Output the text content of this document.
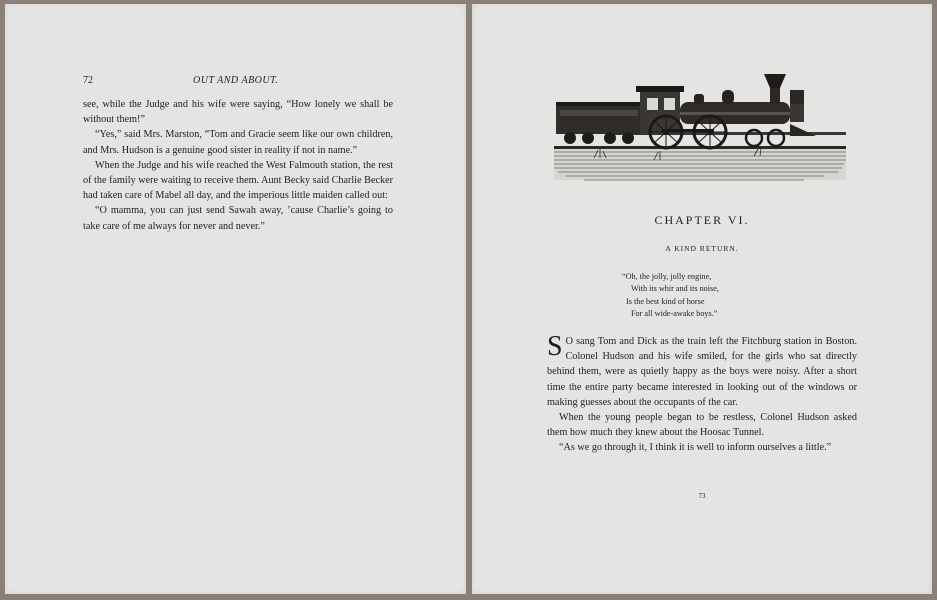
72	OUT AND ABOUT.

see, while the Judge and his wife were saying, “How lonely we shall be without them!”

“Yes,” said Mrs. Marston, “Tom and Gracie seem like our own children, and Mrs. Hudson is a genuine good sister in reality if not in name.”

When the Judge and his wife reached the West Falmouth station, the rest of the family were waiting to receive them. Aunt Becky said Charlie Becker had taken care of Mabel all day, and the imperious little maiden called out:

“O mamma, you can just send Sawah away, ’cause Charlie’s going to take care of me always for never and never.”	CHAPTER VI.
A KIND RETURN.
“Oh, the jolly, jolly engine,
With its whir and its noise,
Is the best kind of horse
For all wide-awake boys.”

S O sang Tom and Dick as the train left the Fitchburg station in Boston. Colonel Hudson and his wife smiled, for the girls who sat directly behind them, were as quietly happy as the boys were noisy. After a short time the entire party became interested in looking out of the windows or making guesses about the occupants of the car.

When the young people began to be restless, Colonel Hudson asked them how much they knew about the Hoosac Tunnel.

“As we go through it, I think it is well to inform ourselves a little.”

73
